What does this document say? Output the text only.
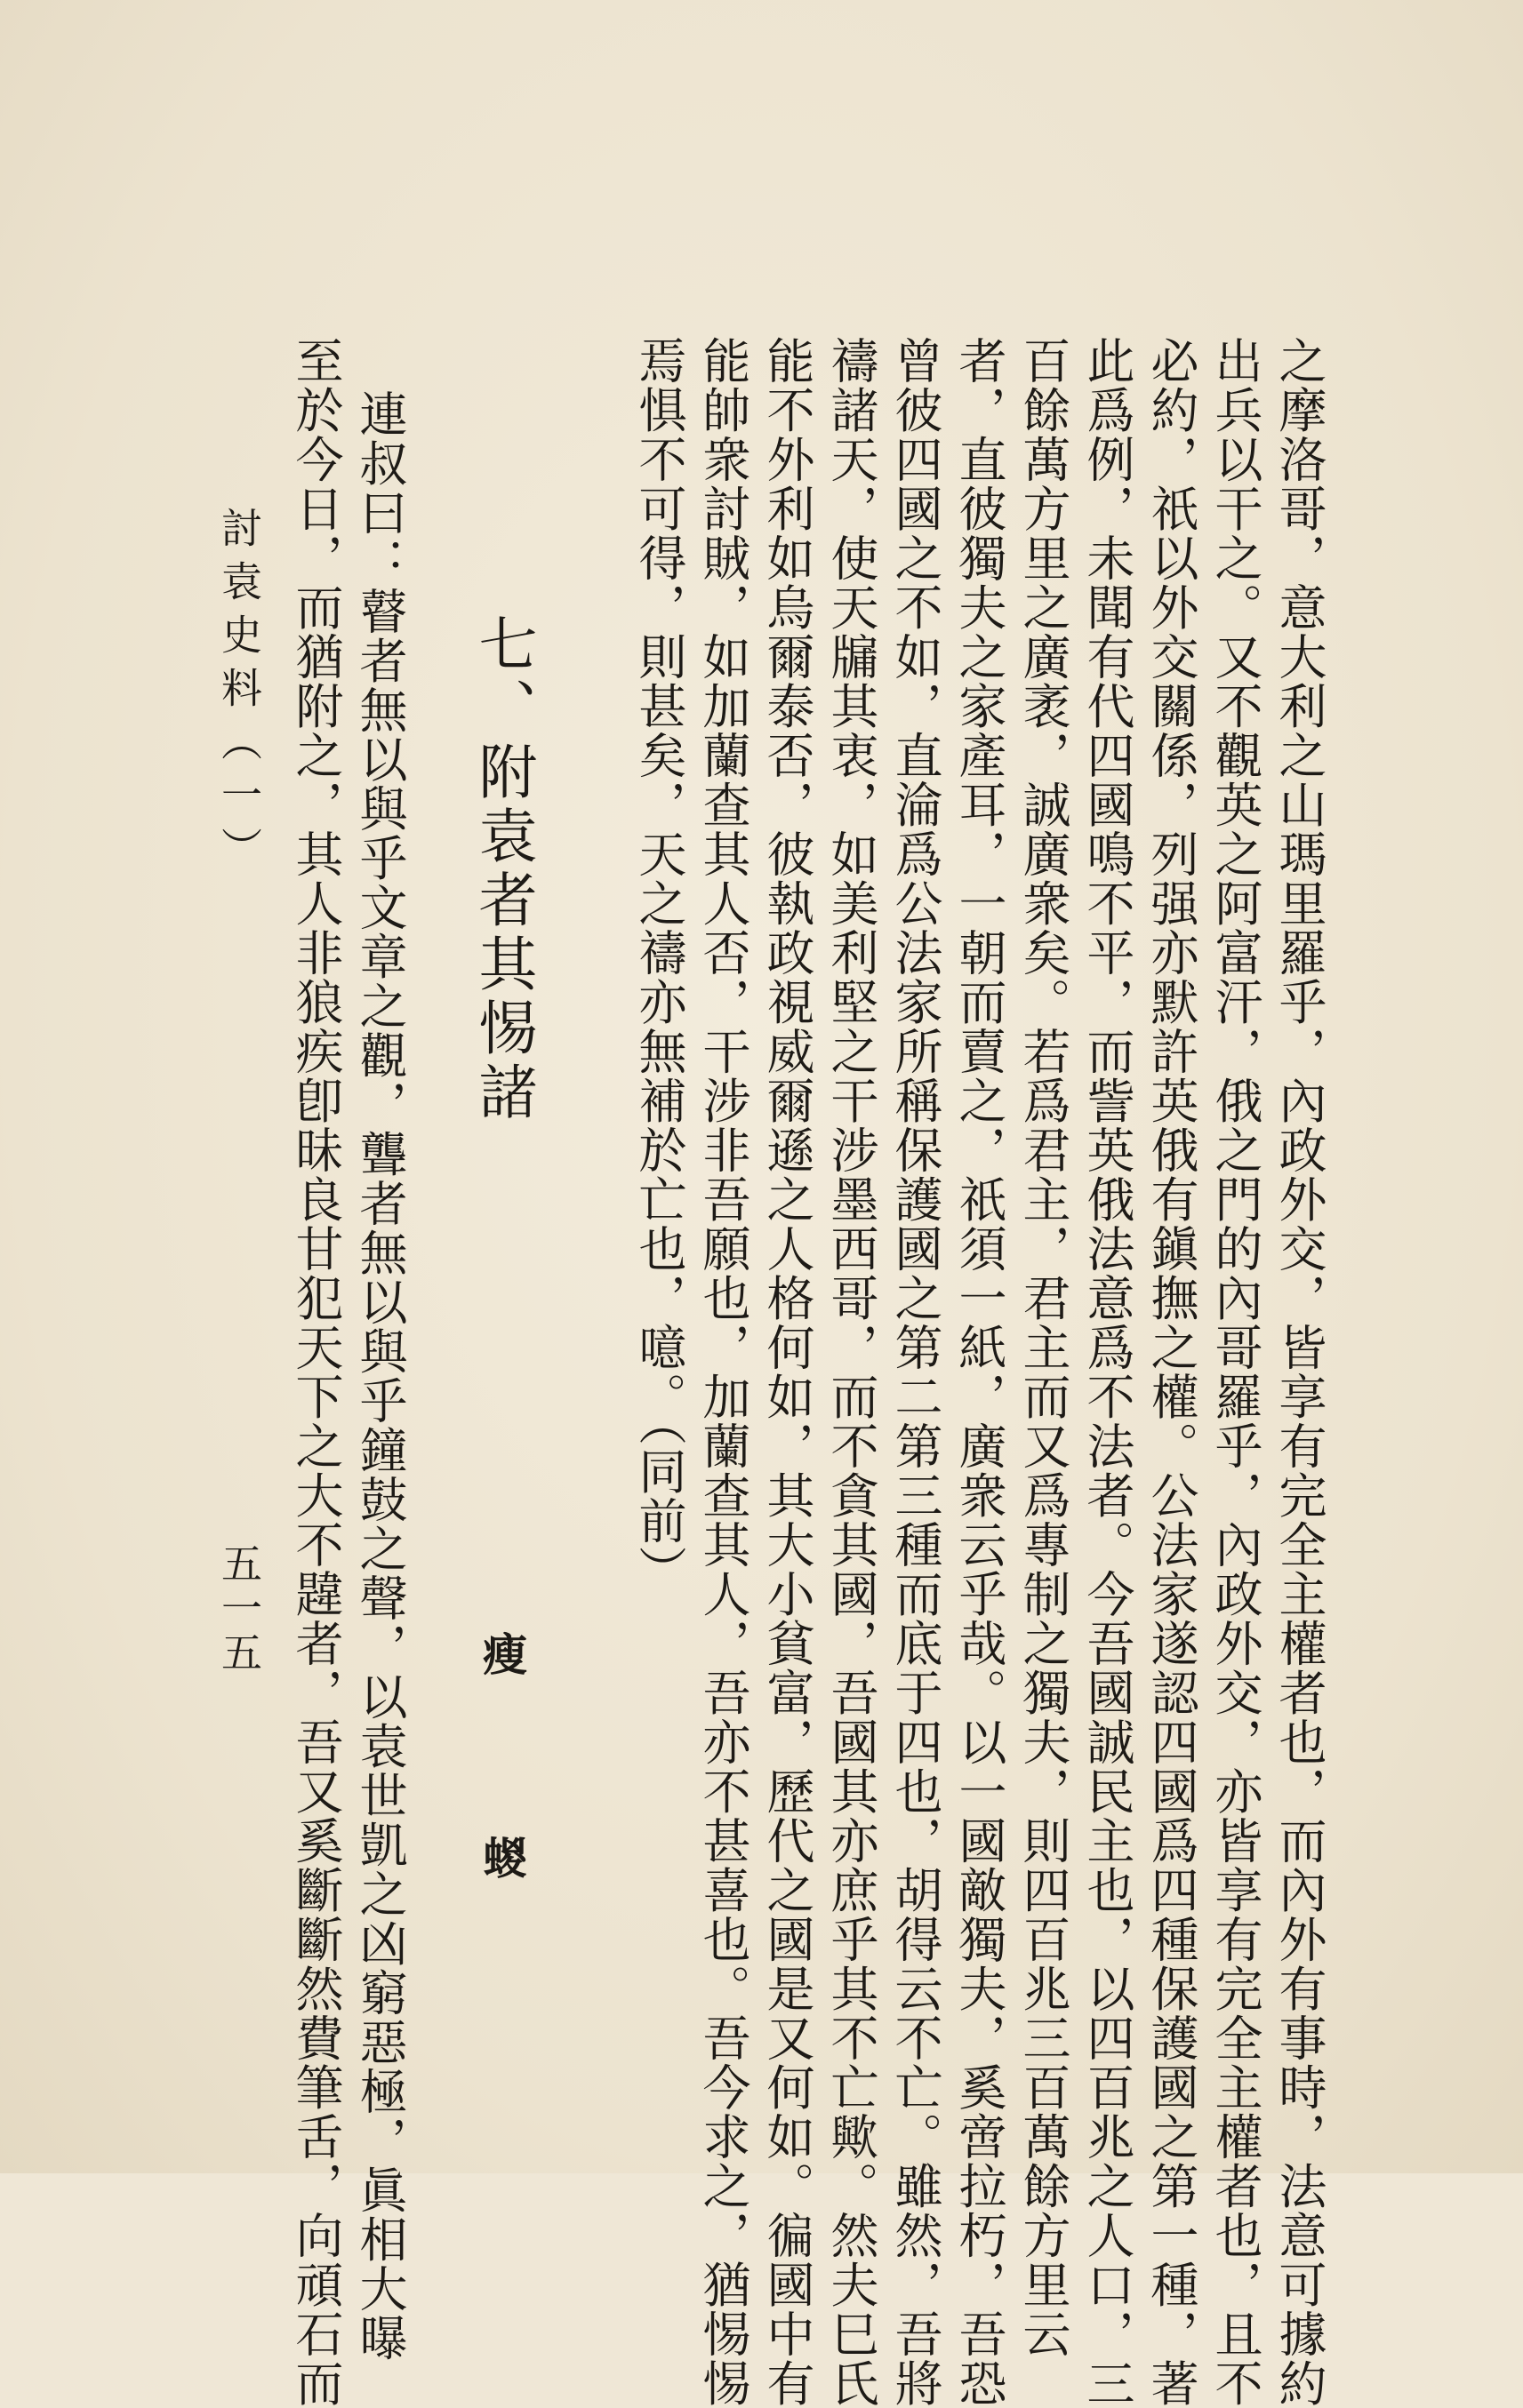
之摩洛哥，意大利之山瑪里羅乎，內政外交，皆享有完全主權者也，而內外有事時，法意可據約
出兵以干之。又不觀英之阿富汗，俄之門的內哥羅乎，內政外交，亦皆享有完全主權者也，且不
必約，祇以外交關係，列强亦默許英俄有鎭撫之權。公法家遂認四國爲四種保護國之第一種，著
此爲例，未聞有代四國鳴不平，而訾英俄法意爲不法者。今吾國誠民主也，以四百兆之人口，三
百餘萬方里之廣袤，誠廣衆矣。若爲君主，君主而又爲專制之獨夫，則四百兆三百萬餘方里云
者，直彼獨夫之家產耳，一朝而賣之，祇須一紙，廣衆云乎哉。以一國敵獨夫，奚啻拉朽，吾恐
曾彼四國之不如，直淪爲公法家所稱保護國之第二第三種而底于四也，胡得云不亡。雖然，吾將
禱諸天，使天牖其衷，如美利堅之干涉墨西哥，而不貪其國，吾國其亦庶乎其不亡歟。然夫巳氏
能不外利如烏爾泰否，彼執政視威爾遜之人格何如，其大小貧富，歷代之國是又何如。徧國中有
能帥衆討賊，如加蘭查其人否，干涉非吾願也，加蘭查其人，吾亦不甚喜也。吾今求之，猶惕惕
焉惧不可得，則甚矣，天之禱亦無補於亡也，噫。（同前）
七、附袁者其惕諸
瘦 蝬
連叔曰：瞽者無以與乎文章之觀，聾者無以與乎鐘鼓之聲，以袁世凱之凶窮惡極，眞相大曝
至於今日，而猶附之，其人非狼疾卽昧良甘犯天下之大不韙者，吾又奚斷斷然費筆舌，向頑石而
討袁史料（一）
五一五
